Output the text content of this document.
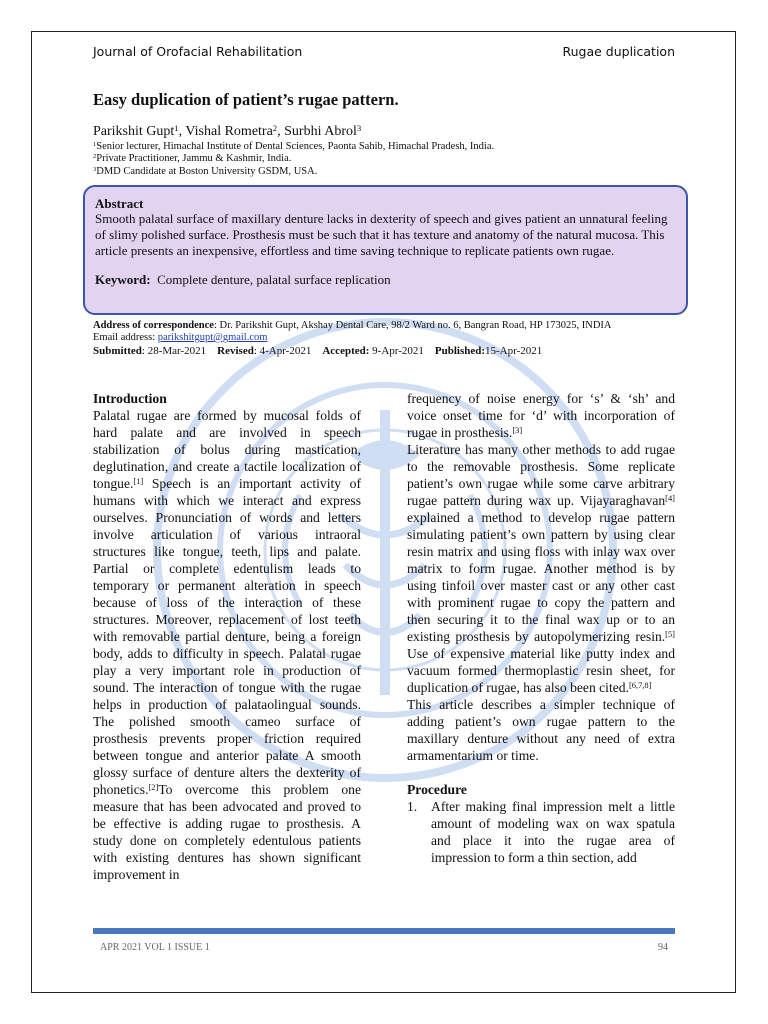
Journal of Orofacial Rehabilitation	Rugae duplication
Easy duplication of patient’s rugae pattern.
Parikshit Gupt$^1$, Vishal Rometra$^2$, Surbhi Abrol$^3$
$^1$Senior lecturer, Himachal Institute of Dental Sciences, Paonta Sahib, Himachal Pradesh, India.
$^2$Private Practitioner, Jammu & Kashmir, India.
$^3$DMD Candidate at Boston University GSDM, USA.
Abstract
Smooth palatal surface of maxillary denture lacks in dexterity of speech and gives patient an unnatural feeling of slimy polished surface. Prosthesis must be such that it has texture and anatomy of the natural mucosa. This article presents an inexpensive, effortless and time saving technique to replicate patients own rugae.
Keyword: Complete denture, palatal surface replication
Address of correspondence: Dr. Parikshit Gupt, Akshay Dental Care, 98/2 Ward no. 6, Bangran Road, HP 173025, INDIA
Email address: parikshitgupt@gmail.com
Submitted: 28-Mar-2021 Revised: 4-Apr-2021 Accepted: 9-Apr-2021 Published:15-Apr-2021
Introduction

Palatal rugae are formed by mucosal folds of hard palate and are involved in speech stabilization of bolus during mastication, deglutination, and create a tactile localization of tongue.[1] Speech is an important activity of humans with which we interact and express ourselves. Pronunciation of words and letters involve articulation of various intraoral structures like tongue, teeth, lips and palate. Partial or complete edentulism leads to temporary or permanent alteration in speech because of loss of the interaction of these structures. Moreover, replacement of lost teeth with removable partial denture, being a foreign body, adds to difficulty in speech. Palatal rugae play a very important role in production of sound. The interaction of tongue with the rugae helps in production of palataolingual sounds. The polished smooth cameo surface of prosthesis prevents proper friction required between tongue and anterior palate A smooth glossy surface of denture alters the dexterity of phonetics.[2]To overcome this problem one measure that has been advocated and proved to be effective is adding rugae to prosthesis. A study done on completely edentulous patients with existing dentures has shown significant improvement in

frequency of noise energy for ‘s’ & ‘sh’ and voice onset time for ‘d’ with incorporation of rugae in prosthesis.[3]

Literature has many other methods to add rugae to the removable prosthesis. Some replicate patient’s own rugae while some carve arbitrary rugae pattern during wax up. Vijayaraghavan[4] explained a method to develop rugae pattern simulating patient’s own pattern by using clear resin matrix and using floss with inlay wax over matrix to form rugae. Another method is by using tinfoil over master cast or any other cast with prominent rugae to copy the pattern and then securing it to the final wax up or to an existing prosthesis by autopolymerizing resin.[5] Use of expensive material like putty index and vacuum formed thermoplastic resin sheet, for duplication of rugae, has also been cited.[6,7,8]

This article describes a simpler technique of adding patient’s own rugae pattern to the maxillary denture without any need of extra armamentarium or time.

Procedure
1.	After making final impression melt a little amount of modeling wax on wax spatula and place it into the rugae area of impression to form a thin section, add
APR 2021 VOL 1 ISSUE 1	94
